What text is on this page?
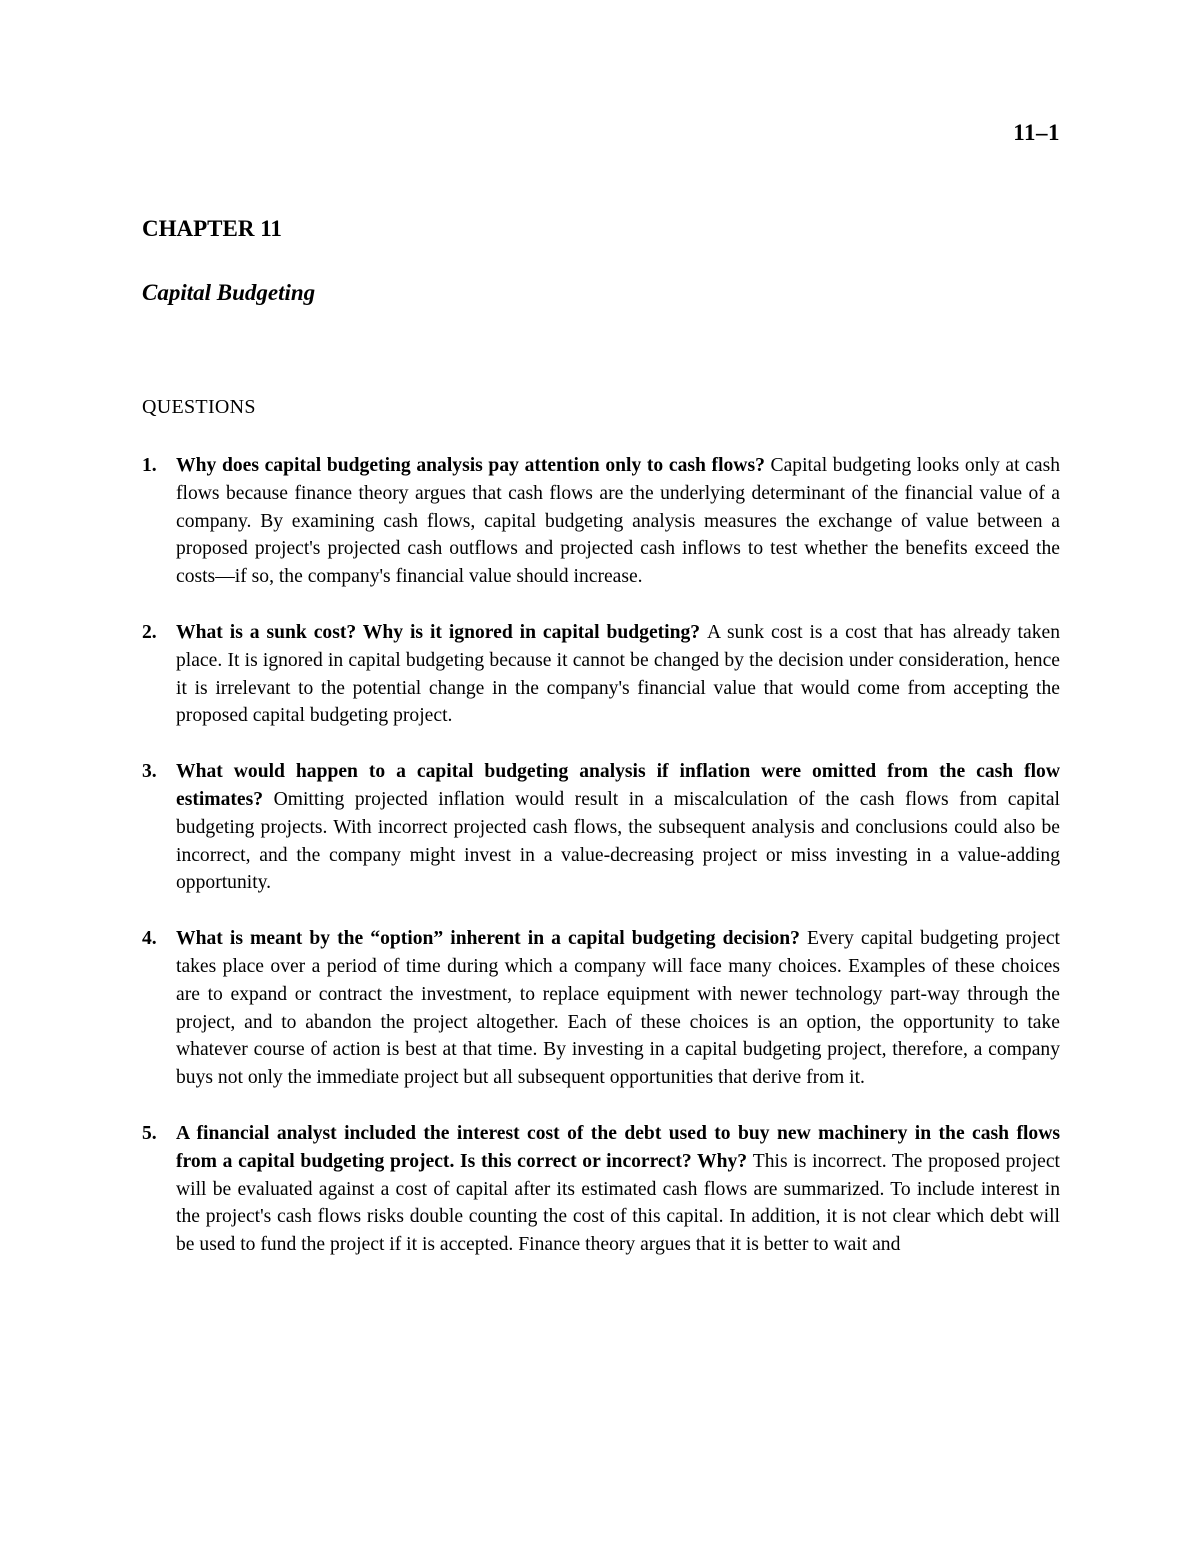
11–1
CHAPTER 11
Capital Budgeting
QUESTIONS
1. Why does capital budgeting analysis pay attention only to cash flows? Capital budgeting looks only at cash flows because finance theory argues that cash flows are the underlying determinant of the financial value of a company. By examining cash flows, capital budgeting analysis measures the exchange of value between a proposed project's projected cash outflows and projected cash inflows to test whether the benefits exceed the costs—if so, the company's financial value should increase.
2. What is a sunk cost? Why is it ignored in capital budgeting? A sunk cost is a cost that has already taken place. It is ignored in capital budgeting because it cannot be changed by the decision under consideration, hence it is irrelevant to the potential change in the company's financial value that would come from accepting the proposed capital budgeting project.
3. What would happen to a capital budgeting analysis if inflation were omitted from the cash flow estimates? Omitting projected inflation would result in a miscalculation of the cash flows from capital budgeting projects. With incorrect projected cash flows, the subsequent analysis and conclusions could also be incorrect, and the company might invest in a value-decreasing project or miss investing in a value-adding opportunity.
4. What is meant by the “option” inherent in a capital budgeting decision? Every capital budgeting project takes place over a period of time during which a company will face many choices. Examples of these choices are to expand or contract the investment, to replace equipment with newer technology part-way through the project, and to abandon the project altogether. Each of these choices is an option, the opportunity to take whatever course of action is best at that time. By investing in a capital budgeting project, therefore, a company buys not only the immediate project but all subsequent opportunities that derive from it.
5. A financial analyst included the interest cost of the debt used to buy new machinery in the cash flows from a capital budgeting project. Is this correct or incorrect? Why? This is incorrect. The proposed project will be evaluated against a cost of capital after its estimated cash flows are summarized. To include interest in the project's cash flows risks double counting the cost of this capital. In addition, it is not clear which debt will be used to fund the project if it is accepted. Finance theory argues that it is better to wait and
